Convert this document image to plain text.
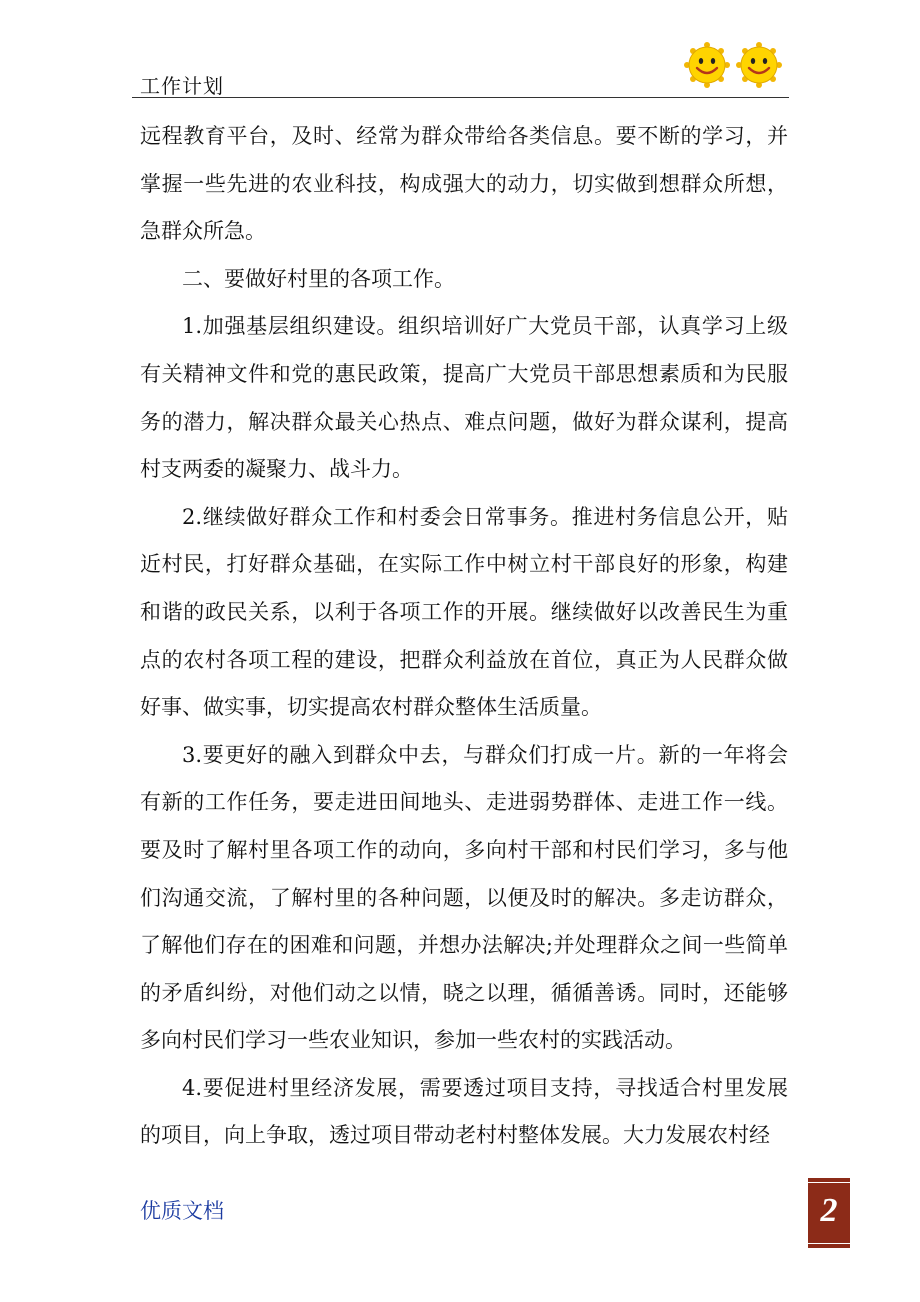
工作计划

远程教育平台，及时、经常为群众带给各类信息。要不断的学习，并掌握一些先进的农业科技，构成强大的动力，切实做到想群众所想，急群众所急。

二、要做好村里的各项工作。

1.加强基层组织建设。组织培训好广大党员干部，认真学习上级有关精神文件和党的惠民政策，提高广大党员干部思想素质和为民服务的潜力，解决群众最关心热点、难点问题，做好为群众谋利，提高村支两委的凝聚力、战斗力。

2.继续做好群众工作和村委会日常事务。推进村务信息公开，贴近村民，打好群众基础，在实际工作中树立村干部良好的形象，构建和谐的政民关系，以利于各项工作的开展。继续做好以改善民生为重点的农村各项工程的建设，把群众利益放在首位，真正为人民群众做好事、做实事，切实提高农村群众整体生活质量。

3.要更好的融入到群众中去，与群众们打成一片。新的一年将会有新的工作任务，要走进田间地头、走进弱势群体、走进工作一线。要及时了解村里各项工作的动向，多向村干部和村民们学习，多与他们沟通交流，了解村里的各种问题，以便及时的解决。多走访群众，了解他们存在的困难和问题，并想办法解决;并处理群众之间一些简单的矛盾纠纷，对他们动之以情，晓之以理，循循善诱。同时，还能够多向村民们学习一些农业知识，参加一些农村的实践活动。

4.要促进村里经济发展，需要透过项目支持，寻找适合村里发展的项目，向上争取，透过项目带动老村村整体发展。大力发展农村经

优质文档	2
